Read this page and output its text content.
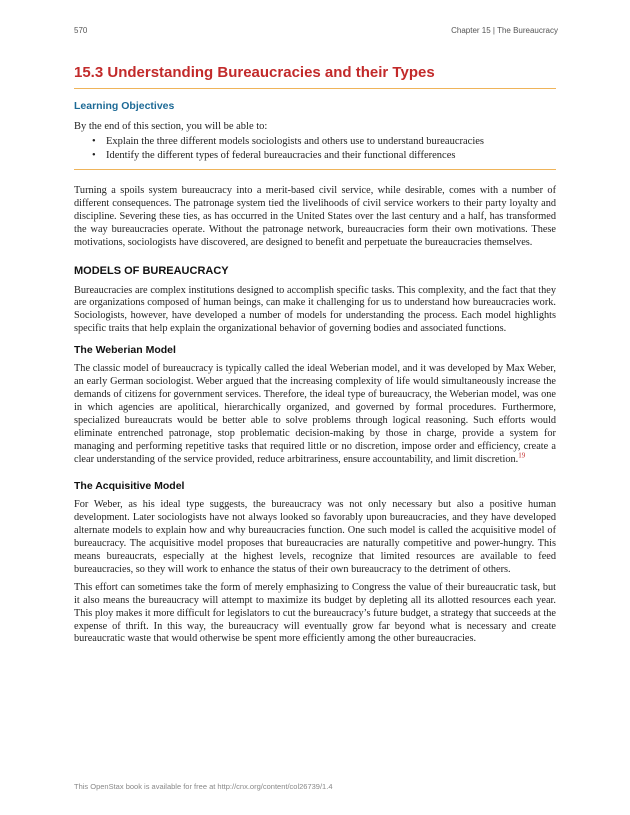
570	Chapter 15 | The Bureaucracy
15.3 Understanding Bureaucracies and their Types
Learning Objectives
By the end of this section, you will be able to:
• Explain the three different models sociologists and others use to understand bureaucracies
• Identify the different types of federal bureaucracies and their functional differences

Turning a spoils system bureaucracy into a merit-based civil service, while desirable, comes with a number of different consequences. The patronage system tied the livelihoods of civil service workers to their party loyalty and discipline. Severing these ties, as has occurred in the United States over the last century and a half, has transformed the way bureaucracies operate. Without the patronage network, bureaucracies form their own motivations. These motivations, sociologists have discovered, are designed to benefit and perpetuate the bureaucracies themselves.

MODELS OF BUREAUCRACY

Bureaucracies are complex institutions designed to accomplish specific tasks. This complexity, and the fact that they are organizations composed of human beings, can make it challenging for us to understand how bureaucracies work. Sociologists, however, have developed a number of models for understanding the process. Each model highlights specific traits that help explain the organizational behavior of governing bodies and associated functions.

The Weberian Model

The classic model of bureaucracy is typically called the ideal Weberian model, and it was developed by Max Weber, an early German sociologist. Weber argued that the increasing complexity of life would simultaneously increase the demands of citizens for government services. Therefore, the ideal type of bureaucracy, the Weberian model, was one in which agencies are apolitical, hierarchically organized, and governed by formal procedures. Furthermore, specialized bureaucrats would be better able to solve problems through logical reasoning. Such efforts would eliminate entrenched patronage, stop problematic decision-making by those in charge, provide a system for managing and performing repetitive tasks that required little or no discretion, impose order and efficiency, create a clear understanding of the service provided, reduce arbitrariness, ensure accountability, and limit discretion.$^{19}$

The Acquisitive Model

For Weber, as his ideal type suggests, the bureaucracy was not only necessary but also a positive human development. Later sociologists have not always looked so favorably upon bureaucracies, and they have developed alternate models to explain how and why bureaucracies function. One such model is called the acquisitive model of bureaucracy. The acquisitive model proposes that bureaucracies are naturally competitive and power-hungry. This means bureaucrats, especially at the highest levels, recognize that limited resources are available to feed bureaucracies, so they will work to enhance the status of their own bureaucracy to the detriment of others.

This effort can sometimes take the form of merely emphasizing to Congress the value of their bureaucratic task, but it also means the bureaucracy will attempt to maximize its budget by depleting all its allotted resources each year. This ploy makes it more difficult for legislators to cut the bureaucracy’s future budget, a strategy that succeeds at the expense of thrift. In this way, the bureaucracy will eventually grow far beyond what is necessary and create bureaucratic waste that would otherwise be spent more efficiently among the other bureaucracies.

This OpenStax book is available for free at http://cnx.org/content/col26739/1.4
